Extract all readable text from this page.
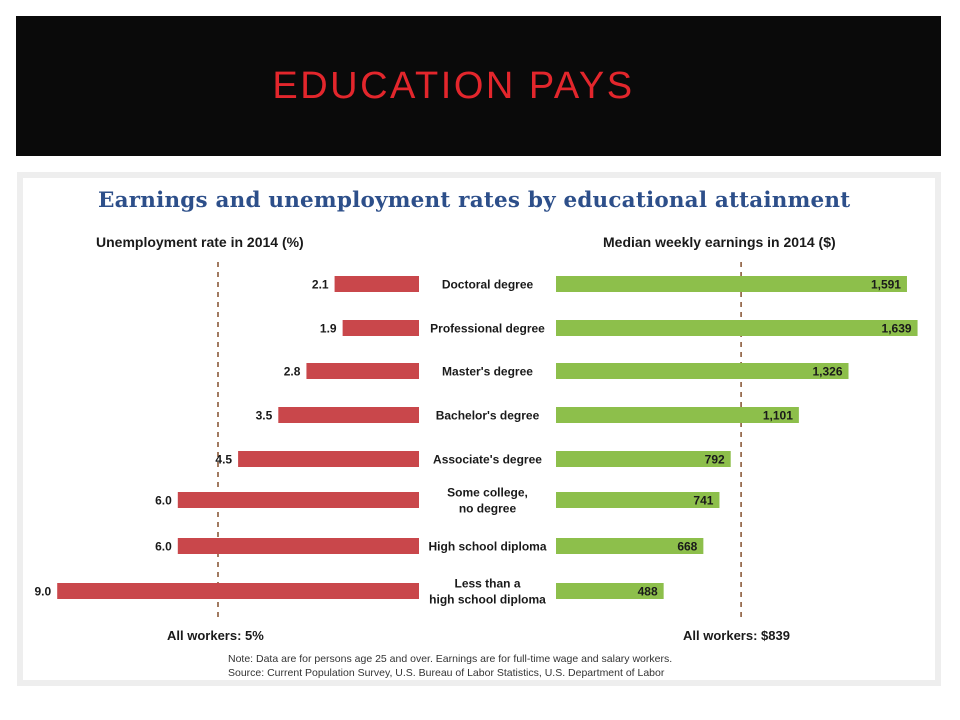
EDUCATION PAYS
Earnings and unemployment rates by educational attainment
Unemployment rate in 2014 (%)	Median weekly earnings in 2014 ($)
2.1	1,591
Doctoral degree
1.9	1,639
Professional degree
2.8	1,326
Master's degree
3.5	1,101
Bachelor's degree
4.5	792
Associate's degree
6.0	741
Some college, no degree
6.0	668
High school diploma
9.0	488
Less than a high school diploma
All workers: 5%	All workers: $839
Note: Data are for persons age 25 and over. Earnings are for full-time wage and salary workers.
Source: Current Population Survey, U.S. Bureau of Labor Statistics, U.S. Department of Labor
